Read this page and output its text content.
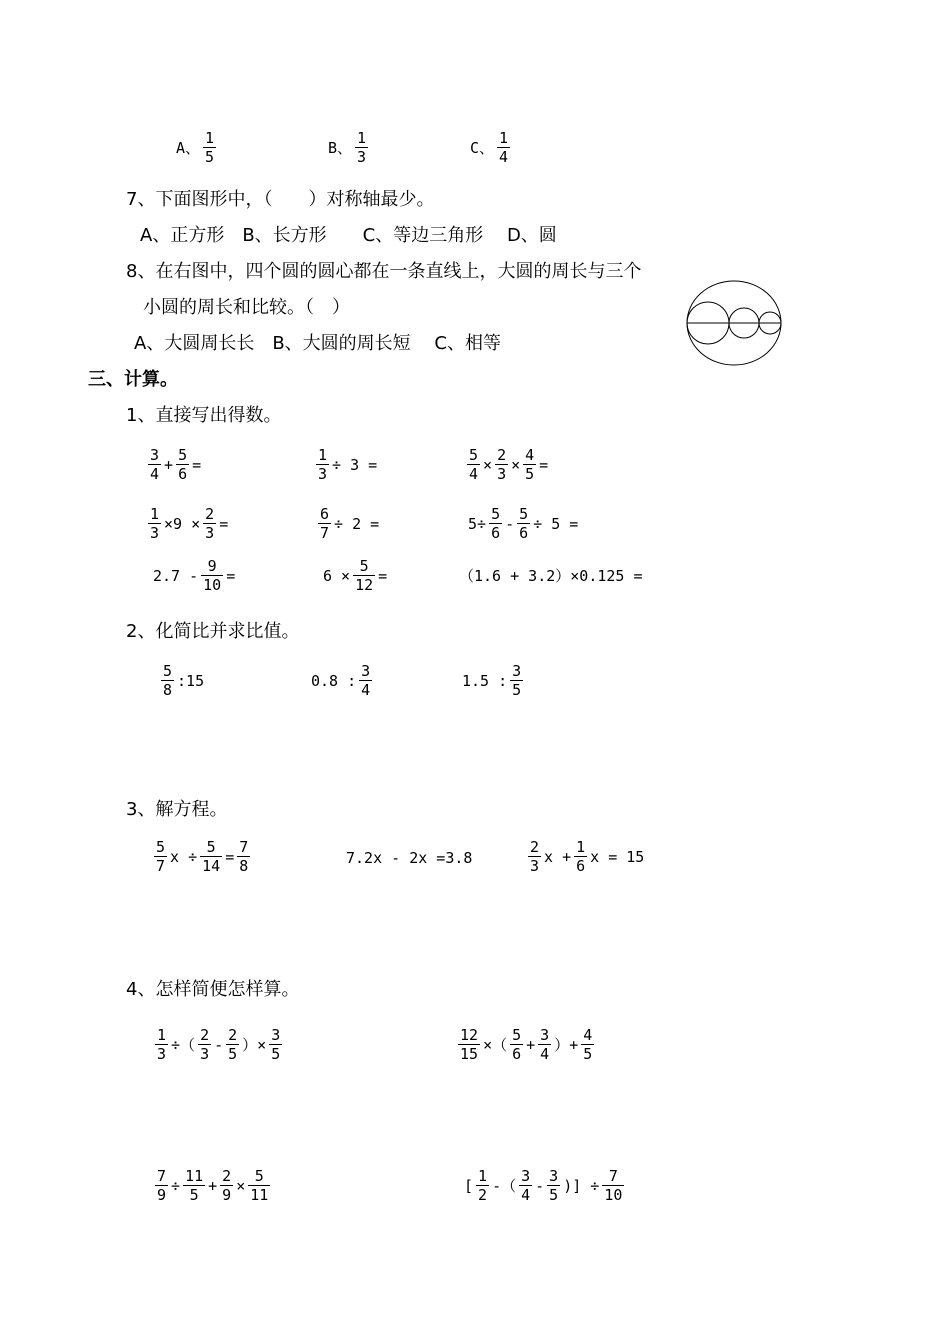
A、 $\frac{1}{5}$	B、 $\frac{1}{3}$	C、 $\frac{1}{4}$
7、下面图形中，（　　）对称轴最少。
A、正方形　B、长方形　　C、等边三角形　 D、圆
8、在右图中，四个圆的圆心都在一条直线上，大圆的周长与三个
小圆的周长和比较。（　）
A、大圆周长长　B、大圆的周长短　 C、相等
三、计算。
1、直接写出得数。
$\frac{3}{4} + \frac{5}{6}$ =	$\frac{1}{3} \div 3$ =	$\frac{5}{4} \times \frac{2}{3} \times \frac{4}{5}$ =
$\frac{1}{3} \times 9 \times \frac{2}{3}$ =	$\frac{6}{7} \div 2$ =	$5\div \frac{5}{6} - \frac{5}{6} \div 5$ =
$2.7 - \frac{9}{10}$ =	$6 \times \frac{5}{12}$ =	（1.6 + 3.2）×0.125 =
2、化简比并求比值。
$\frac{5}{8}$ :15	0.8 : $\frac{3}{4}$	1.5 : $\frac{3}{5}$
3、解方程。
$\frac{5}{7}$ $x \div \frac{5}{14} = \frac{7}{8}$	7.2x - 2x =3.8	$\frac{2}{3}$ $x + \frac{1}{6}$ x = 15
4、怎样简便怎样算。
$\frac{1}{3}$ ÷（ $\frac{2}{3} - \frac{2}{5}$ ）× $\frac{3}{5}$	$\frac{12}{15}$ ×（ $\frac{5}{6} + \frac{3}{4}$ ）+ $\frac{4}{5}$
$\frac{7}{9} \div \frac{11}{5} + \frac{2}{9} \times \frac{5}{11}$	[ $\frac{1}{2}$ -（ $\frac{3}{4} - \frac{3}{5}$ )] ÷ $\frac{7}{10}$
